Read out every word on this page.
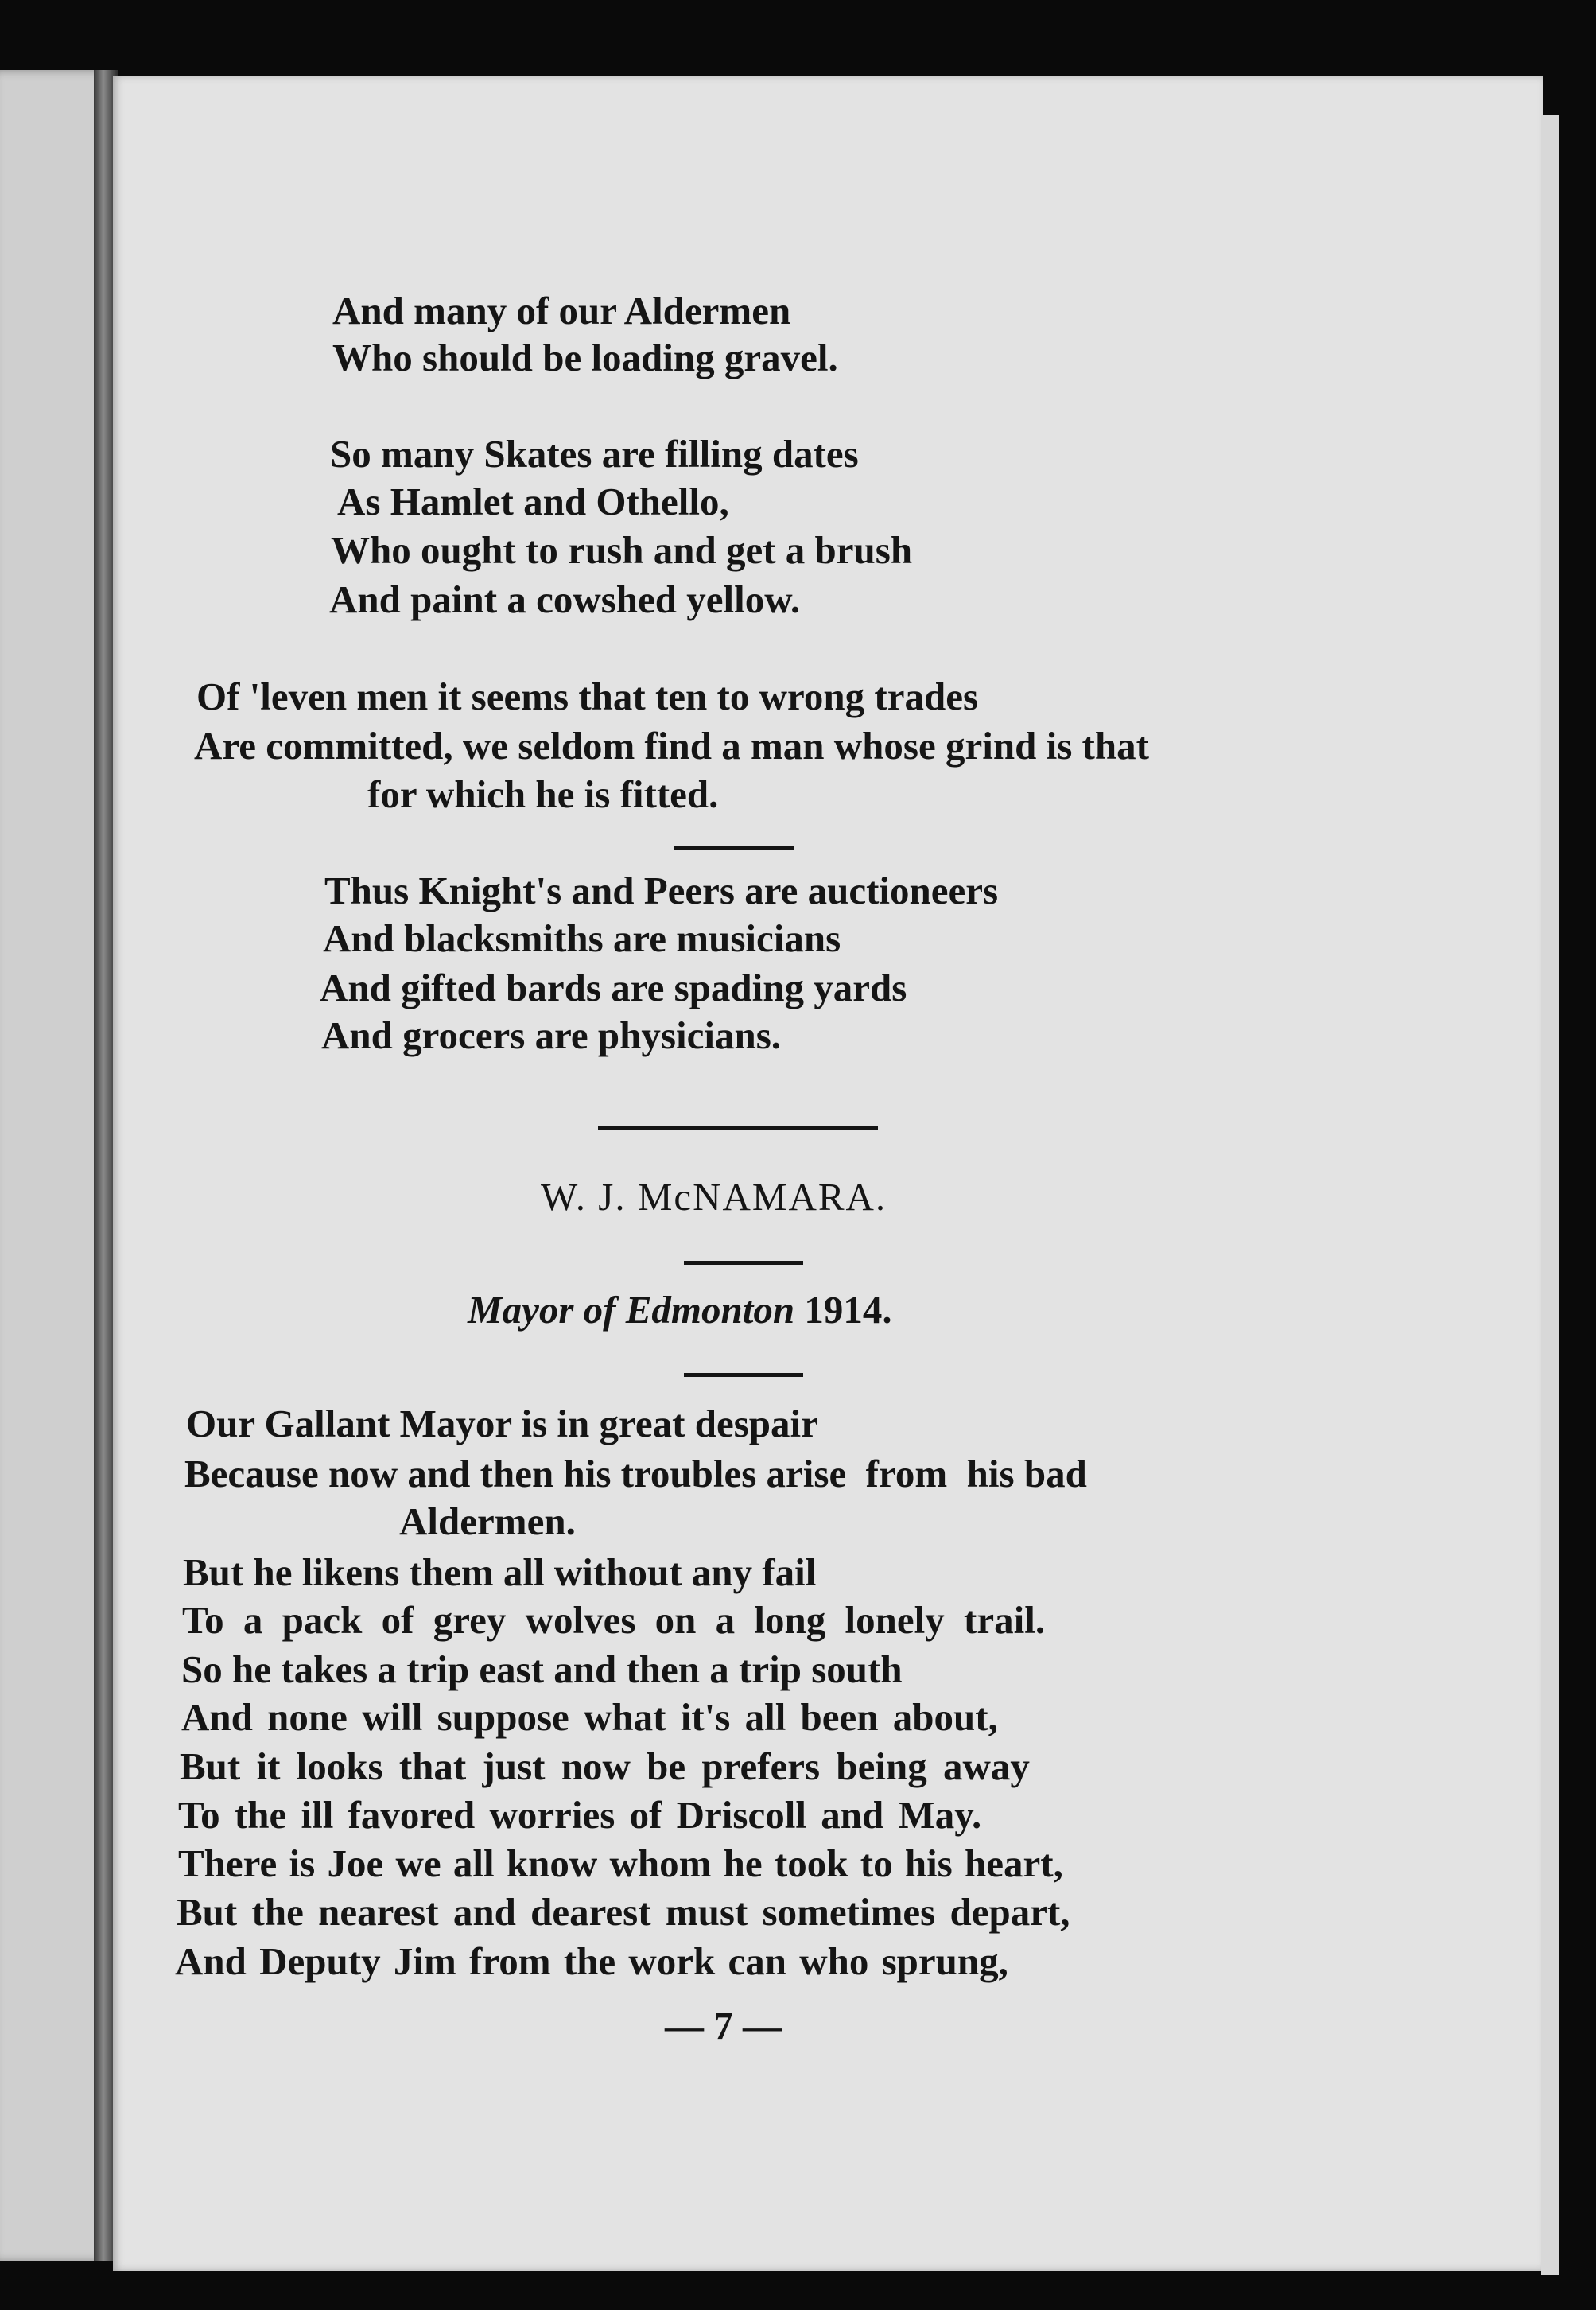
And many of our Aldermen

Who should be loading gravel.

So many Skates are filling dates

As Hamlet and Othello,

Who ought to rush and get a brush

And paint a cowshed yellow.

Of 'leven men it seems that ten to wrong trades

Are committed, we seldom find a man whose grind is that

for which he is fitted.

Thus Knight's and Peers are auctioneers

And blacksmiths are musicians

And gifted bards are spading yards

And grocers are physicians.

W. J. McNAMARA.

Mayor of Edmonton 1914.

Our Gallant Mayor is in great despair

Because now and then his troubles arise  from  his bad

Aldermen.

But he likens them all without any fail

To a pack of grey wolves on a long lonely trail.

So he takes a trip east and then a trip south

And none will suppose what it's all been about,

But it looks that just now be prefers being away

To the ill favored worries of Driscoll and May.

There is Joe we all know whom he took to his heart,

But the nearest and dearest must sometimes depart,

And Deputy Jim from the work can who sprung,

— 7 —
